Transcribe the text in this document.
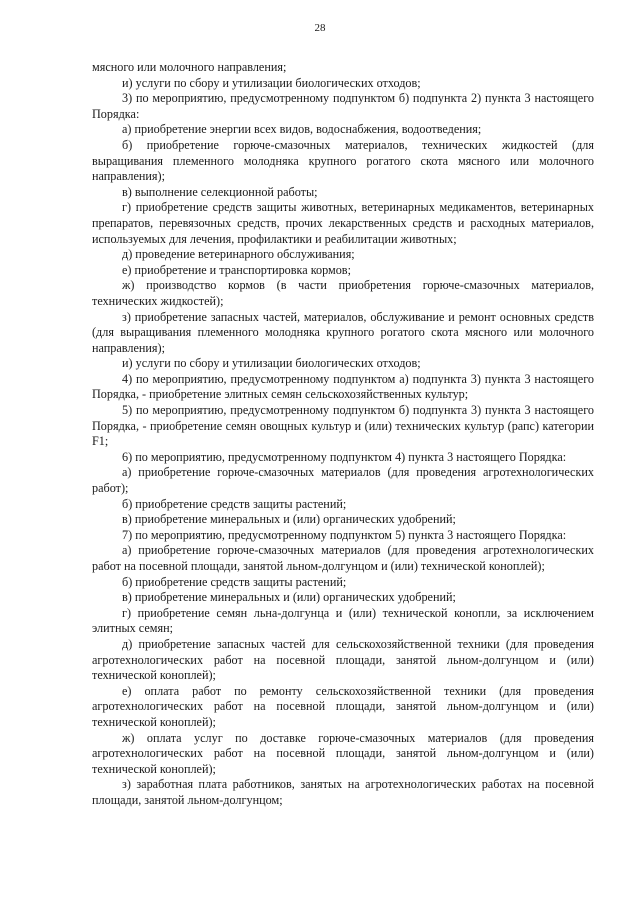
28

мясного или молочного направления;

и) услуги по сбору и утилизации биологических отходов;

3) по мероприятию, предусмотренному подпунктом б) подпункта 2) пункта 3 настоящего Порядка:

а) приобретение энергии всех видов, водоснабжения, водоотведения;

б) приобретение горюче-смазочных материалов, технических жидкостей (для выращивания племенного молодняка крупного рогатого скота мясного или молочного направления);

в) выполнение селекционной работы;

г) приобретение средств защиты животных, ветеринарных медикаментов, ветеринарных препаратов, перевязочных средств, прочих лекарственных средств и расходных материалов, используемых для лечения, профилактики и реабилитации животных;

д) проведение ветеринарного обслуживания;

е) приобретение и транспортировка кормов;

ж) производство кормов (в части приобретения горюче-смазочных материалов, технических жидкостей);

з) приобретение запасных частей, материалов, обслуживание и ремонт основных средств (для выращивания племенного молодняка крупного рогатого скота мясного или молочного направления);

и) услуги по сбору и утилизации биологических отходов;

4) по мероприятию, предусмотренному подпунктом а) подпункта 3) пункта 3 настоящего Порядка, - приобретение элитных семян сельскохозяйственных культур;

5) по мероприятию, предусмотренному подпунктом б) подпункта 3) пункта 3 настоящего Порядка, - приобретение семян овощных культур и (или) технических культур (рапс) категории F1;

6) по мероприятию, предусмотренному подпунктом 4) пункта 3 настоящего Порядка:

а) приобретение горюче-смазочных материалов (для проведения агротехнологических работ);

б) приобретение средств защиты растений;

в) приобретение минеральных и (или) органических удобрений;

7) по мероприятию, предусмотренному подпунктом 5) пункта 3 настоящего Порядка:

а) приобретение горюче-смазочных материалов (для проведения агротехнологических работ на посевной площади, занятой льном-долгунцом и (или) технической коноплей);

б) приобретение средств защиты растений;

в) приобретение минеральных и (или) органических удобрений;

г) приобретение семян льна-долгунца и (или) технической конопли, за исключением элитных семян;

д) приобретение запасных частей для сельскохозяйственной техники (для проведения агротехнологических работ на посевной площади, занятой льном-долгунцом и (или) технической коноплей);

е) оплата работ по ремонту сельскохозяйственной техники (для проведения агротехнологических работ на посевной площади, занятой льном-долгунцом и (или) технической коноплей);

ж) оплата услуг по доставке горюче-смазочных материалов (для проведения агротехнологических работ на посевной площади, занятой льном-долгунцом и (или) технической коноплей);

з) заработная плата работников, занятых на агротехнологических работах на посевной площади, занятой льном-долгунцом;
